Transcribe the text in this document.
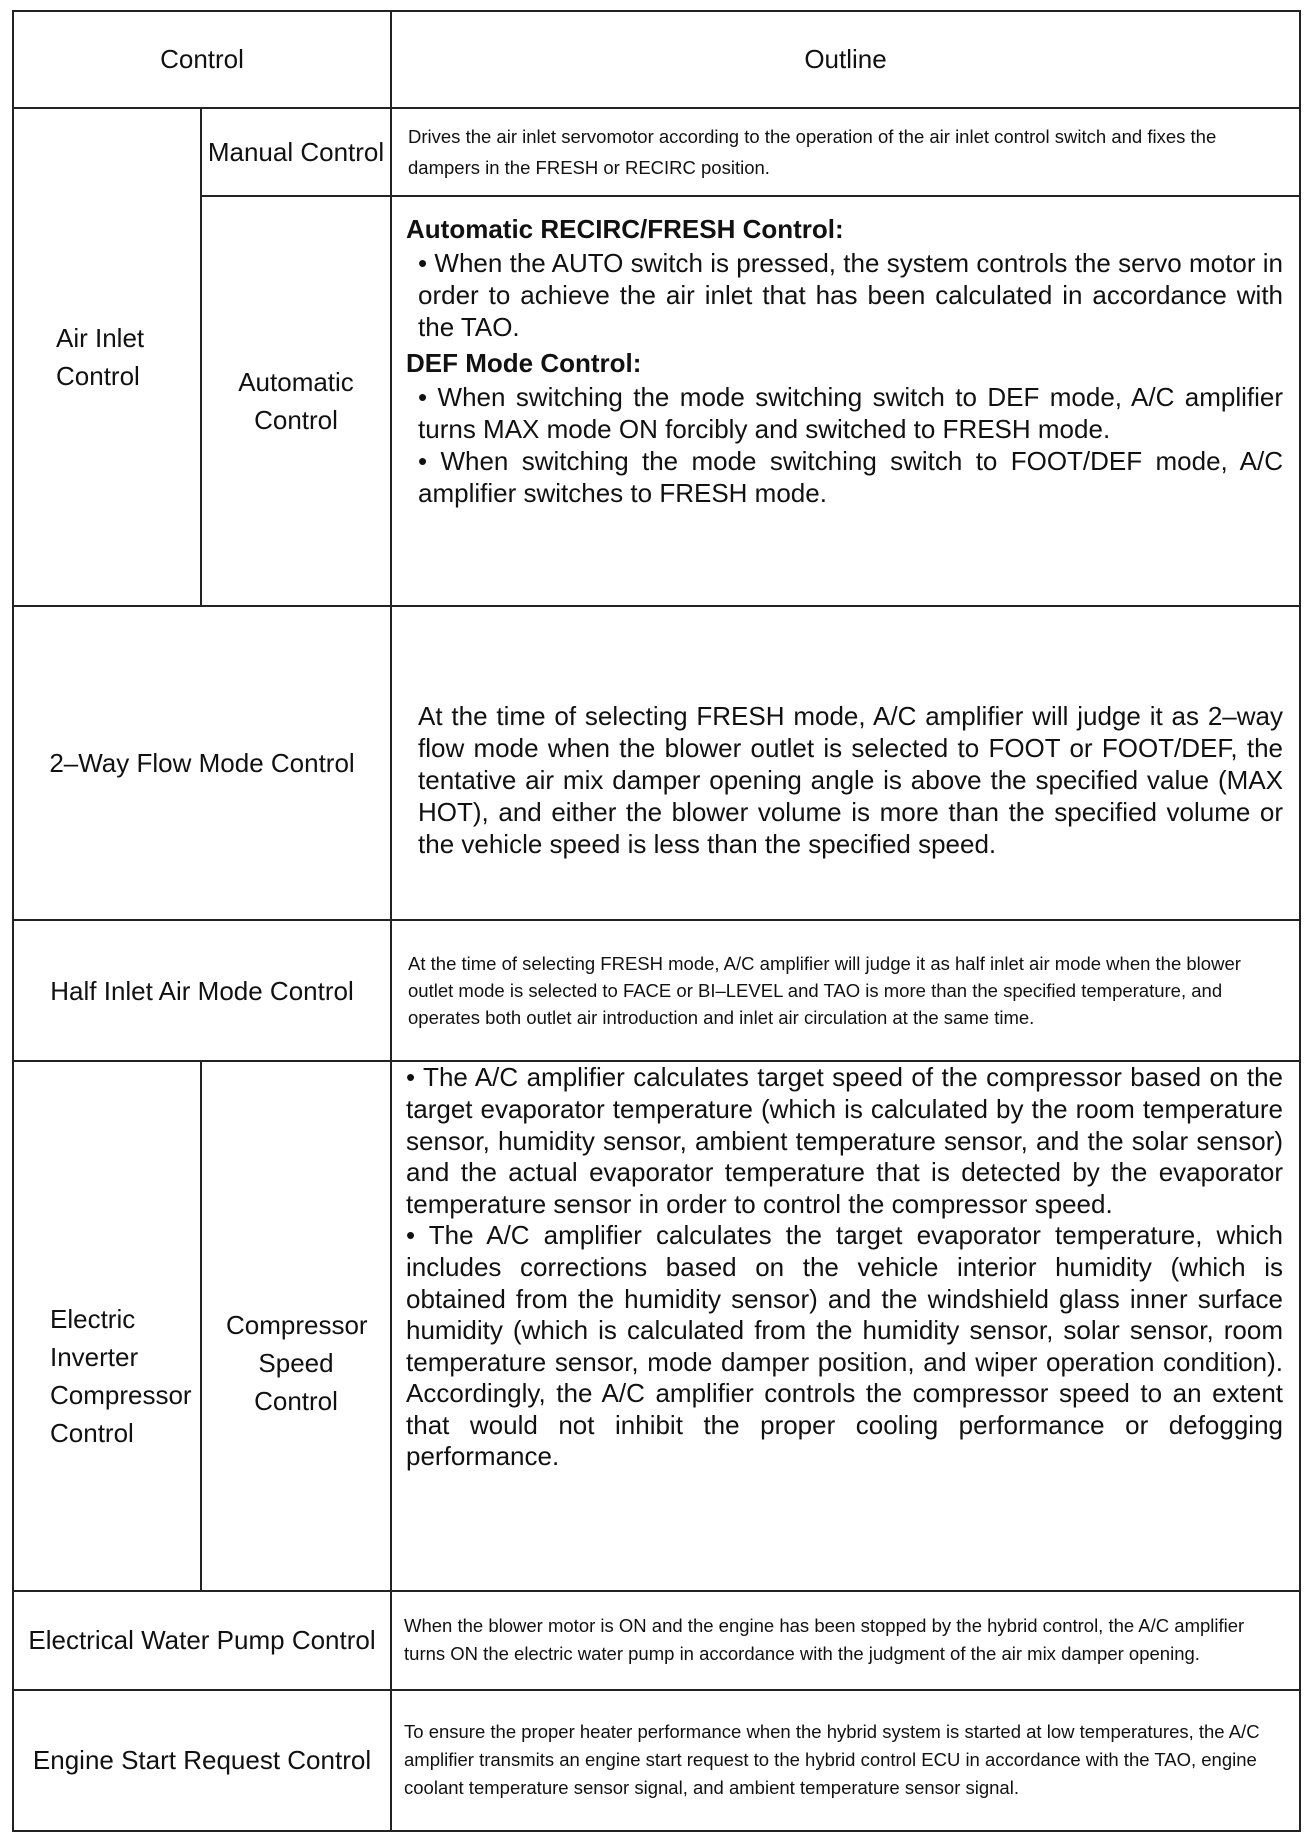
Control		Outline
Air Inlet Control	Manual Control	Drives the air inlet servomotor according to the operation of the air inlet control switch and fixes the dampers in the FRESH or RECIRC position.
	Automatic Control	Automatic RECIRC/FRESH Control:
• When the AUTO switch is pressed, the system controls the servo motor in order to achieve the air inlet that has been calculated in accordance with the TAO.
DEF Mode Control:
• When switching the mode switching switch to DEF mode, A/C amplifier turns MAX mode ON forcibly and switched to FRESH mode.
• When switching the mode switching switch to FOOT/DEF mode, A/C amplifier switches to FRESH mode.

2–Way Flow Mode Control		At the time of selecting FRESH mode, A/C amplifier will judge it as 2–way flow mode when the blower outlet is selected to FOOT or FOOT/DEF, the tentative air mix damper opening angle is above the specified value (MAX HOT), and either the blower volume is more than the specified volume or the vehicle speed is less than the specified speed.
Half Inlet Air Mode Control		At the time of selecting FRESH mode, A/C amplifier will judge it as half inlet air mode when the blower outlet mode is selected to FACE or BI–LEVEL and TAO is more than the specified temperature, and operates both outlet air introduction and inlet air circulation at the same time.
Electric Inverter Compressor Control	Compressor Speed Control	• The A/C amplifier calculates target speed of the compressor based on the target evaporator temperature (which is calculated by the room temperature sensor, humidity sensor, ambient temperature sensor, and the solar sensor) and the actual evaporator temperature that is detected by the evaporator temperature sensor in order to control the compressor speed.
• The A/C amplifier calculates the target evaporator temperature, which includes corrections based on the vehicle interior humidity (which is obtained from the humidity sensor) and the windshield glass inner surface humidity (which is calculated from the humidity sensor, solar sensor, room temperature sensor, mode damper position, and wiper operation condition). Accordingly, the A/C amplifier controls the compressor speed to an extent that would not inhibit the proper cooling performance or defogging performance.

Electrical Water Pump Control		When the blower motor is ON and the engine has been stopped by the hybrid control, the A/C amplifier turns ON the electric water pump in accordance with the judgment of the air mix damper opening.
Engine Start Request Control		To ensure the proper heater performance when the hybrid system is started at low temperatures, the A/C amplifier transmits an engine start request to the hybrid control ECU in accordance with the TAO, engine coolant temperature sensor signal, and ambient temperature sensor signal.
